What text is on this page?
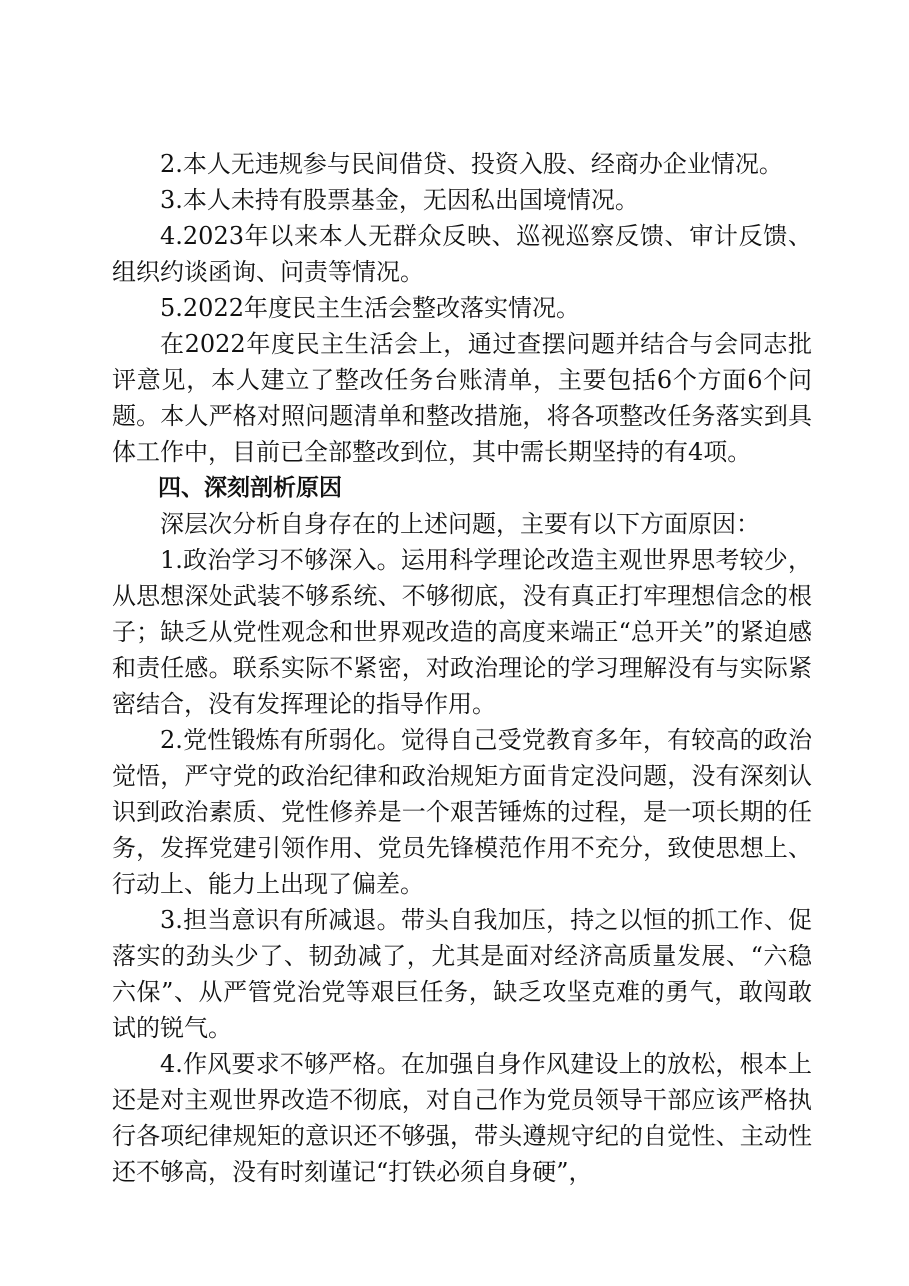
2.本人无违规参与民间借贷、投资入股、经商办企业情况。

3.本人未持有股票基金，无因私出国境情况。

4.2023年以来本人无群众反映、巡视巡察反馈、审计反馈、组织约谈函询、问责等情况。

5.2022年度民主生活会整改落实情况。

在2022年度民主生活会上，通过查摆问题并结合与会同志批评意见，本人建立了整改任务台账清单，主要包括6个方面6个问题。本人严格对照问题清单和整改措施，将各项整改任务落实到具体工作中，目前已全部整改到位，其中需长期坚持的有4项。

四、深刻剖析原因

深层次分析自身存在的上述问题，主要有以下方面原因：

1.政治学习不够深入。运用科学理论改造主观世界思考较少，从思想深处武装不够系统、不够彻底，没有真正打牢理想信念的根子；缺乏从党性观念和世界观改造的高度来端正“总开关”的紧迫感和责任感。联系实际不紧密，对政治理论的学习理解没有与实际紧密结合，没有发挥理论的指导作用。

2.党性锻炼有所弱化。觉得自己受党教育多年，有较高的政治觉悟，严守党的政治纪律和政治规矩方面肯定没问题，没有深刻认识到政治素质、党性修养是一个艰苦锤炼的过程，是一项长期的任务，发挥党建引领作用、党员先锋模范作用不充分，致使思想上、行动上、能力上出现了偏差。

3.担当意识有所减退。带头自我加压，持之以恒的抓工作、促落实的劲头少了、韧劲减了，尤其是面对经济高质量发展、“六稳六保”、从严管党治党等艰巨任务，缺乏攻坚克难的勇气，敢闯敢试的锐气。

4.作风要求不够严格。在加强自身作风建设上的放松，根本上还是对主观世界改造不彻底，对自己作为党员领导干部应该严格执行各项纪律规矩的意识还不够强，带头遵规守纪的自觉性、主动性还不够高，没有时刻谨记“打铁必须自身硬”，
